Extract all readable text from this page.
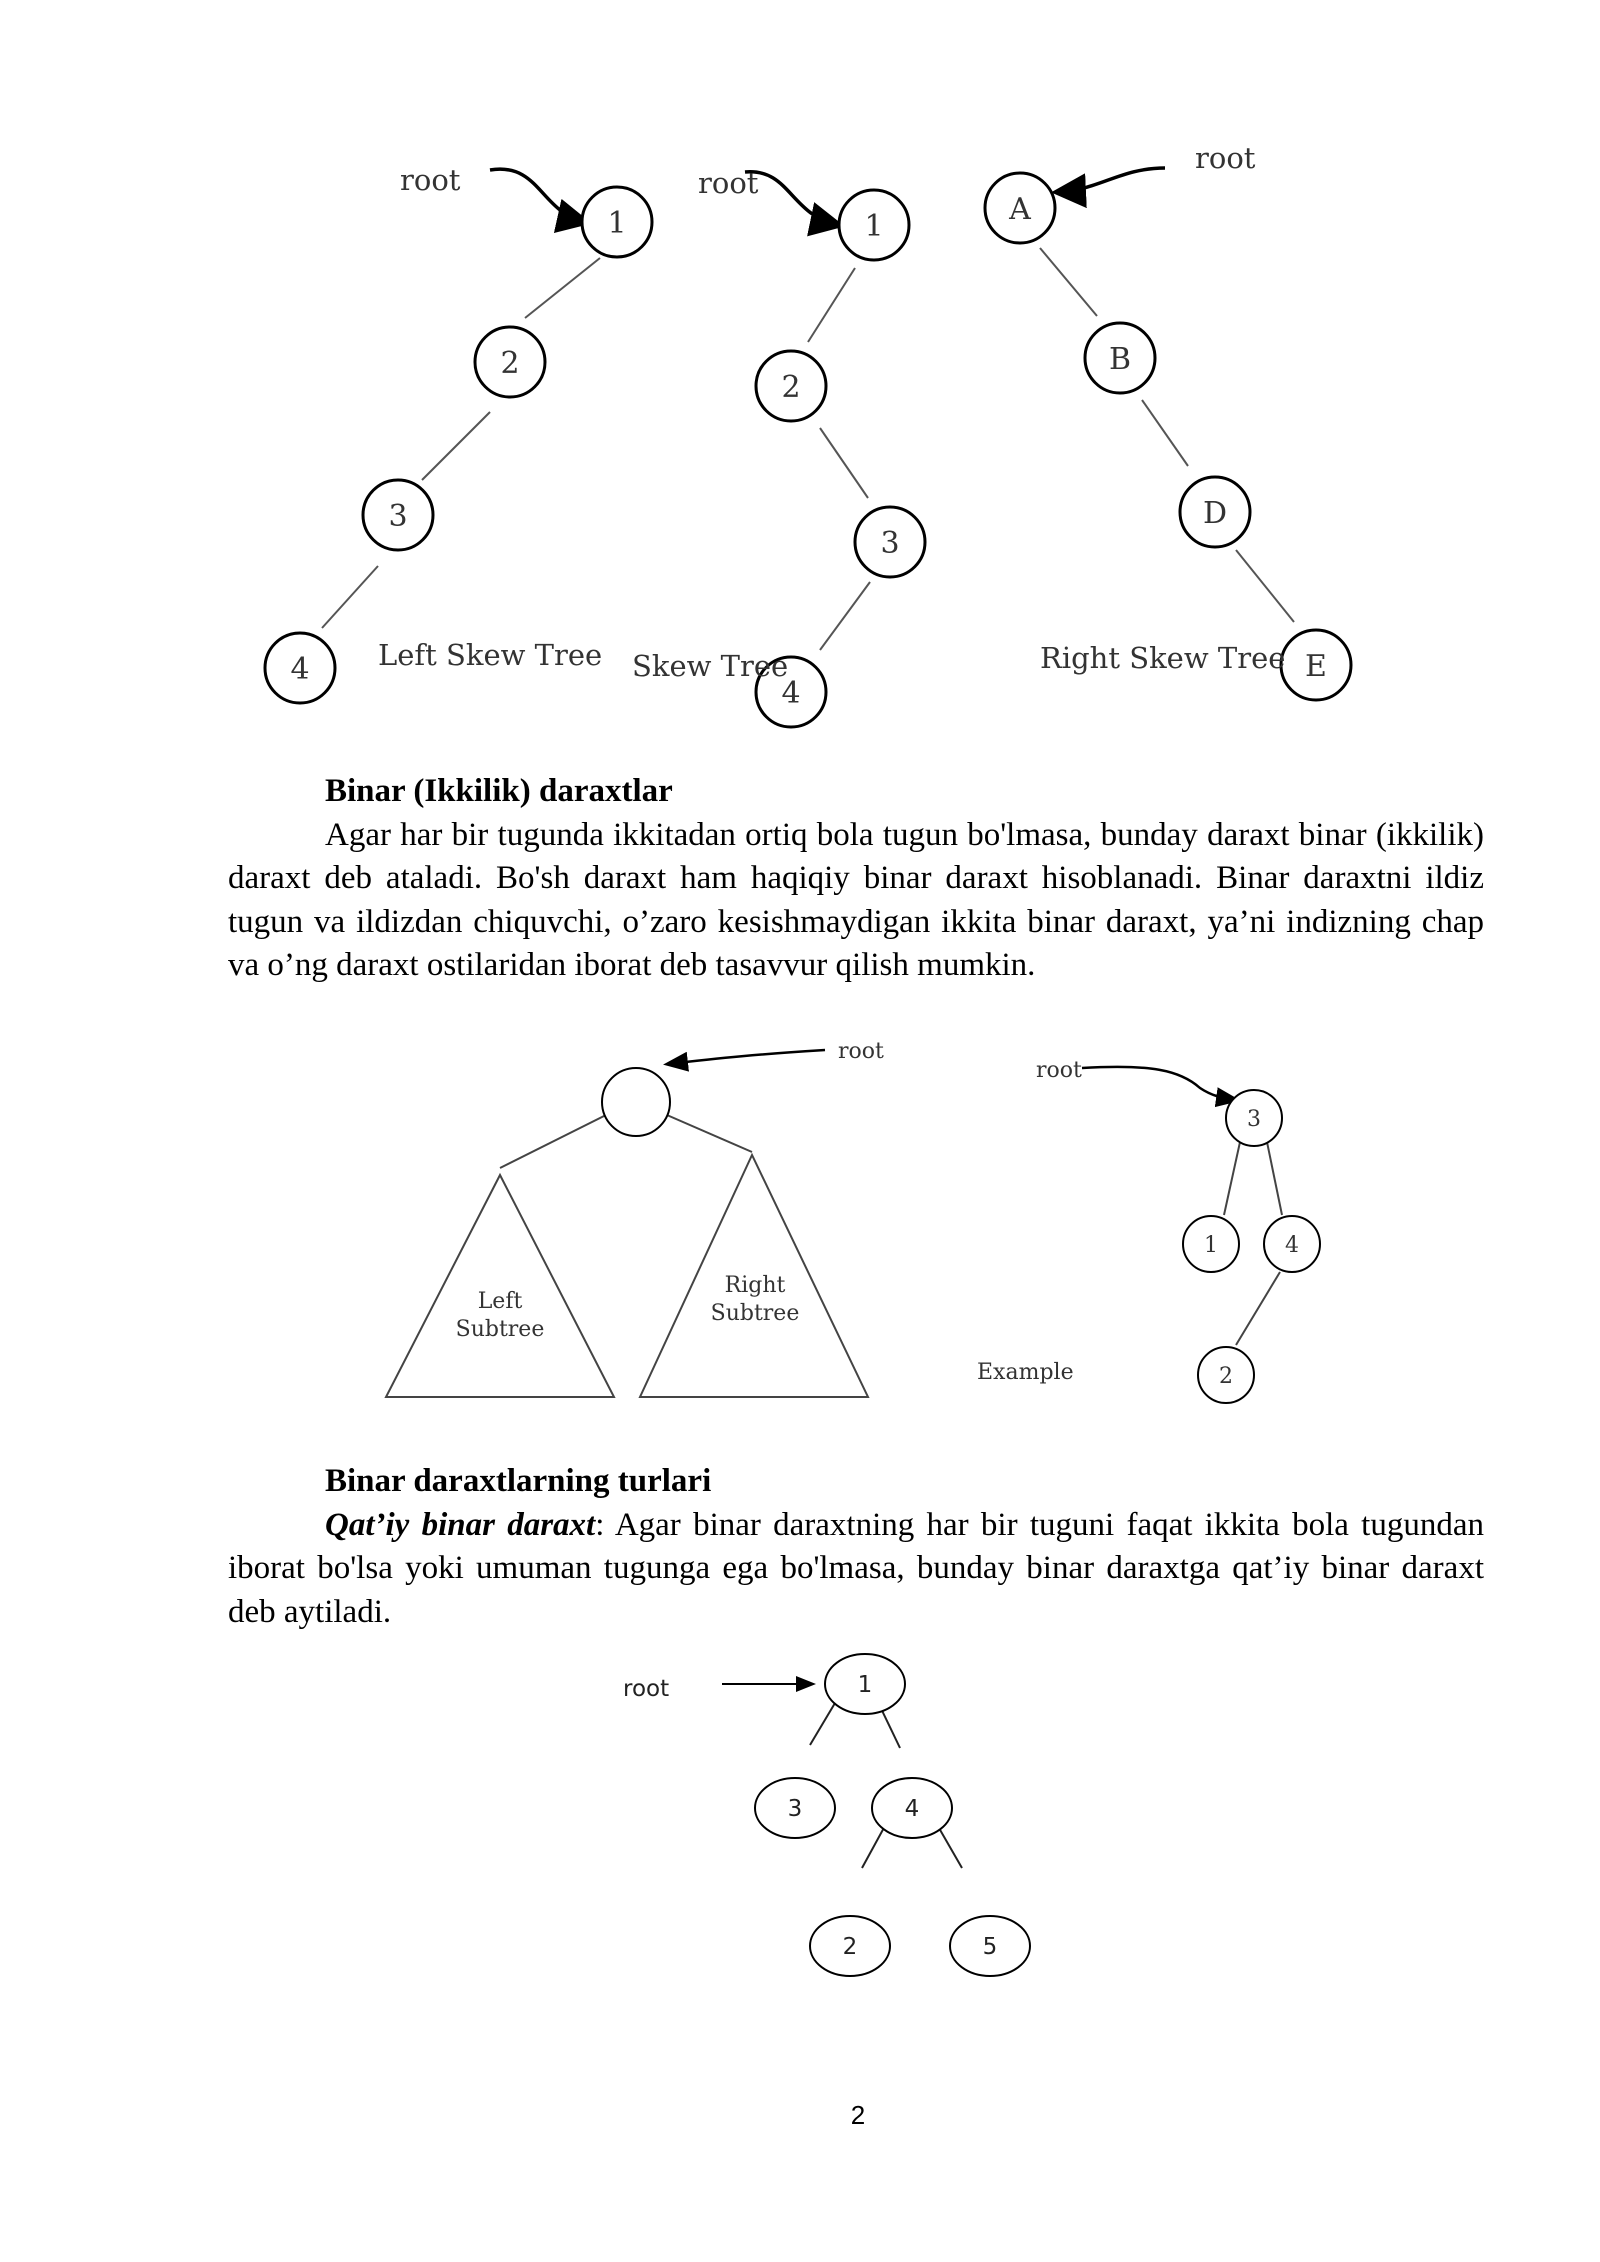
1
2
3
4
1
2
3
4
A
B
D
E
root	root
root
Left Skew Tree Skew Tree	Right Skew Tree

Binar (Ikkilik) daraxtlar

Agar har bir tugunda ikkitadan ortiq bola tugun bo'lmasa, bunday daraxt binar (ikkilik) daraxt deb ataladi. Bo'sh daraxt ham haqiqiy binar daraxt hisoblanadi. Binar daraxtni ildiz tugun va ildizdan chiquvchi, o’zaro kesishmaydigan ikkita binar daraxt, ya’ni indizning chap va o’ng daraxt ostilaridan iborat deb tasavvur qilish mumkin.

Left
Subtree
Right
Subtree
3
1	4
2
root
root
Example

Binar daraxtlarning turlari

Qat’iy binar daraxt: Agar binar daraxtning har bir tuguni faqat ikkita bola tugundan iborat bo'lsa yoki umuman tugunga ega bo'lmasa, bunday binar daraxtga qat’iy binar daraxt deb aytiladi.

1
3	4
2	5
root
2
